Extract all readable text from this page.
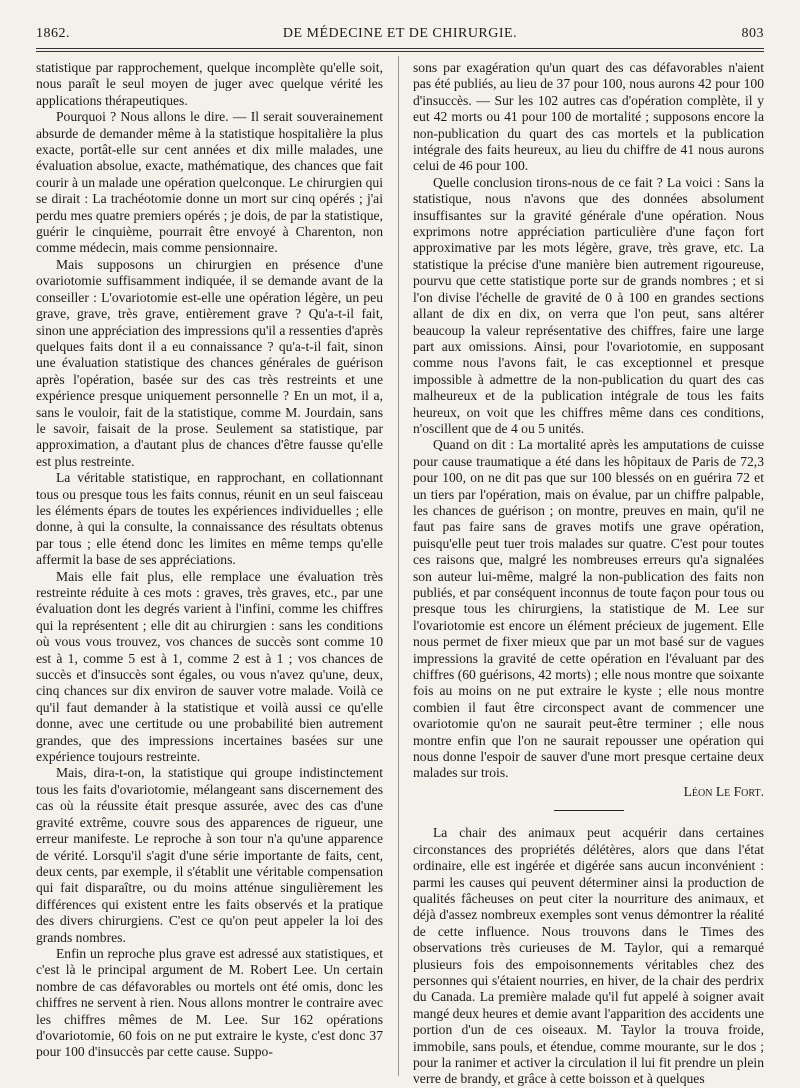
1862.	DE MÉDECINE ET DE CHIRURGIE.	803

statistique par rapprochement, quelque incomplète qu'elle soit, nous paraît le seul moyen de juger avec quelque vérité les applications thérapeutiques.

Pourquoi ? Nous allons le dire. — Il serait souverainement absurde de demander même à la statistique hospitalière la plus exacte, portât-elle sur cent années et dix mille malades, une évaluation absolue, exacte, mathématique, des chances que fait courir à un malade une opération quelconque. Le chirurgien qui se dirait : La trachéotomie donne un mort sur cinq opérés ; j'ai perdu mes quatre premiers opérés ; je dois, de par la statistique, guérir le cinquième, pourrait être envoyé à Charenton, non comme médecin, mais comme pensionnaire.

Mais supposons un chirurgien en présence d'une ovariotomie suffisamment indiquée, il se demande avant de la conseiller : L'ovariotomie est-elle une opération légère, un peu grave, grave, très grave, entièrement grave ? Qu'a-t-il fait, sinon une appréciation des impressions qu'il a ressenties d'après quelques faits dont il a eu connaissance ? qu'a-t-il fait, sinon une évaluation statistique des chances générales de guérison après l'opération, basée sur des cas très restreints et une expérience presque uniquement personnelle ? En un mot, il a, sans le vouloir, fait de la statistique, comme M. Jourdain, sans le savoir, faisait de la prose. Seulement sa statistique, par approximation, a d'autant plus de chances d'être fausse qu'elle est plus restreinte.

La véritable statistique, en rapprochant, en collationnant tous ou presque tous les faits connus, réunit en un seul faisceau les éléments épars de toutes les expériences individuelles ; elle donne, à qui la consulte, la connaissance des résultats obtenus par tous ; elle étend donc les limites en même temps qu'elle affermit la base de ses appréciations.

Mais elle fait plus, elle remplace une évaluation très restreinte réduite à ces mots : graves, très graves, etc., par une évaluation dont les degrés varient à l'infini, comme les chiffres qui la représentent ; elle dit au chirurgien : sans les conditions où vous vous trouvez, vos chances de succès sont comme 10 est à 1, comme 5 est à 1, comme 2 est à 1 ; vos chances de succès et d'insuccès sont égales, ou vous n'avez qu'une, deux, cinq chances sur dix environ de sauver votre malade. Voilà ce qu'il faut demander à la statistique et voilà aussi ce qu'elle donne, avec une certitude ou une probabilité bien autrement grandes, que des impressions incertaines basées sur une expérience toujours restreinte.

Mais, dira-t-on, la statistique qui groupe indistinctement tous les faits d'ovariotomie, mélangeant sans discernement des cas où la réussite était presque assurée, avec des cas d'une gravité extrême, couvre sous des apparences de rigueur, une erreur manifeste. Le reproche à son tour n'a qu'une apparence de vérité. Lorsqu'il s'agit d'une série importante de faits, cent, deux cents, par exemple, il s'établit une véritable compensation qui fait disparaître, ou du moins atténue singulièrement les différences qui existent entre les faits observés et la pratique des divers chirurgiens. C'est ce qu'on peut appeler la loi des grands nombres.

Enfin un reproche plus grave est adressé aux statistiques, et c'est là le principal argument de M. Robert Lee. Un certain nombre de cas défavorables ou mortels ont été omis, donc les chiffres ne servent à rien. Nous allons montrer le contraire avec les chiffres mêmes de M. Lee. Sur 162 opérations d'ovariotomie, 60 fois on ne put extraire le kyste, c'est donc 37 pour 100 d'insuccès par cette cause. Suppo-

sons par exagération qu'un quart des cas défavorables n'aient pas été publiés, au lieu de 37 pour 100, nous aurons 42 pour 100 d'insuccès. — Sur les 102 autres cas d'opération complète, il y eut 42 morts ou 41 pour 100 de mortalité ; supposons encore la non-publication du quart des cas mortels et la publication intégrale des faits heureux, au lieu du chiffre de 41 nous aurons celui de 46 pour 100.

Quelle conclusion tirons-nous de ce fait ? La voici : Sans la statistique, nous n'avons que des données absolument insuffisantes sur la gravité générale d'une opération. Nous exprimons notre appréciation particulière d'une façon fort approximative par les mots légère, grave, très grave, etc. La statistique la précise d'une manière bien autrement rigoureuse, pourvu que cette statistique porte sur de grands nombres ; et si l'on divise l'échelle de gravité de 0 à 100 en grandes sections allant de dix en dix, on verra que l'on peut, sans altérer beaucoup la valeur représentative des chiffres, faire une large part aux omissions. Ainsi, pour l'ovariotomie, en supposant comme nous l'avons fait, le cas exceptionnel et presque impossible à admettre de la non-publication du quart des cas malheureux et de la publication intégrale de tous les faits heureux, on voit que les chiffres même dans ces conditions, n'oscillent que de 4 ou 5 unités.

Quand on dit : La mortalité après les amputations de cuisse pour cause traumatique a été dans les hôpitaux de Paris de 72,3 pour 100, on ne dit pas que sur 100 blessés on en guérira 72 et un tiers par l'opération, mais on évalue, par un chiffre palpable, les chances de guérison ; on montre, preuves en main, qu'il ne faut pas faire sans de graves motifs une grave opération, puisqu'elle peut tuer trois malades sur quatre. C'est pour toutes ces raisons que, malgré les nombreuses erreurs qu'a signalées son auteur lui-même, malgré la non-publication des faits non publiés, et par conséquent inconnus de toute façon pour tous ou presque tous les chirurgiens, la statistique de M. Lee sur l'ovariotomie est encore un élément précieux de jugement. Elle nous permet de fixer mieux que par un mot basé sur de vagues impressions la gravité de cette opération en l'évaluant par des chiffres (60 guérisons, 42 morts) ; elle nous montre que soixante fois au moins on ne put extraire le kyste ; elle nous montre combien il faut être circonspect avant de commencer une ovariotomie qu'on ne saurait peut-être terminer ; elle nous montre enfin que l'on ne saurait repousser une opération qui nous donne l'espoir de sauver d'une mort presque certaine deux malades sur trois.

Léon Le Fort.

La chair des animaux peut acquérir dans certaines circonstances des propriétés délétères, alors que dans l'état ordinaire, elle est ingérée et digérée sans aucun inconvénient : parmi les causes qui peuvent déterminer ainsi la production de qualités fâcheuses on peut citer la nourriture des animaux, et déjà d'assez nombreux exemples sont venus démontrer la réalité de cette influence. Nous trouvons dans le Times des observations très curieuses de M. Taylor, qui a remarqué plusieurs fois des empoisonnements véritables chez des personnes qui s'étaient nourries, en hiver, de la chair des perdrix du Canada. La première malade qu'il fut appelé à soigner avait mangé deux heures et demie avant l'apparition des accidents une portion d'un de ces oiseaux. M. Taylor la trouva froide, immobile, sans pouls, et étendue, comme mourante, sur le dos ; pour la ranimer et activer la circulation il lui fit prendre un plein verre de brandy, et grâce à cette boisson et à quelques
